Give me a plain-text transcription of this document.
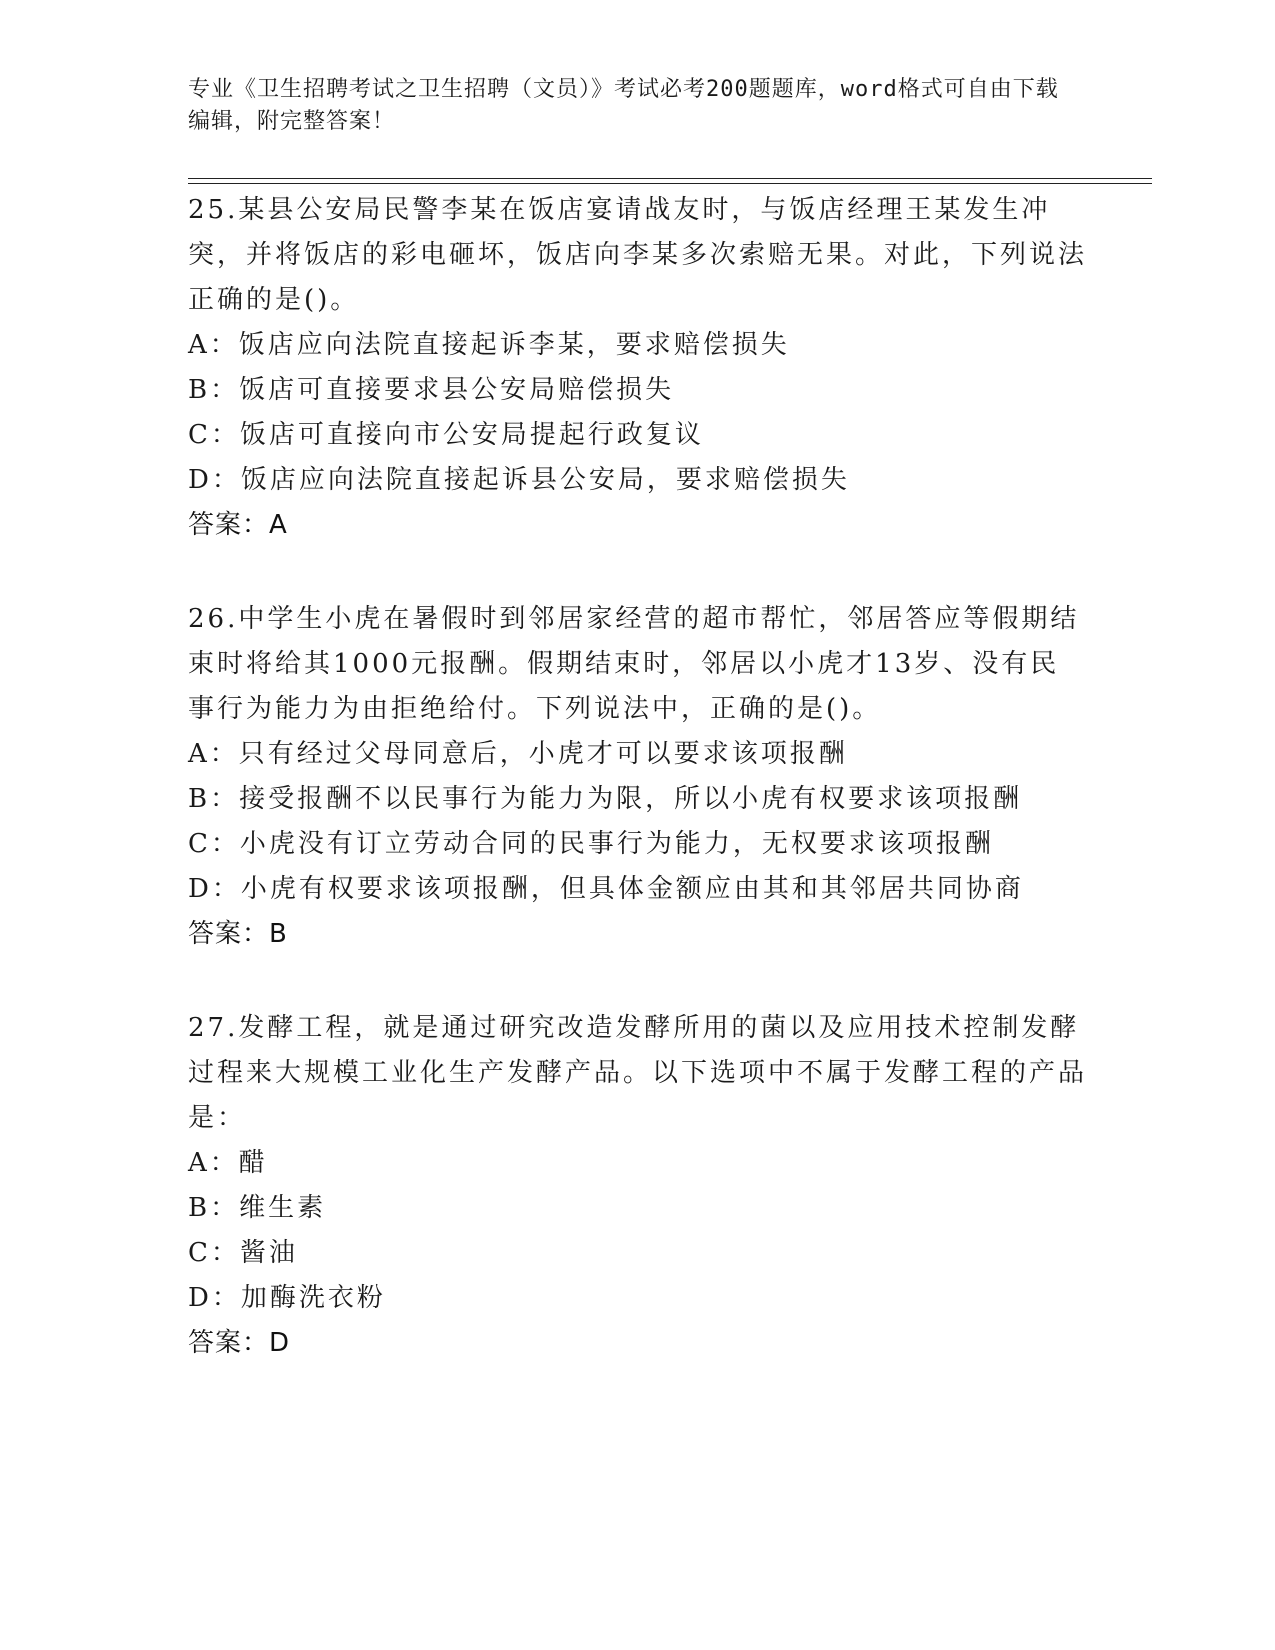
专业《卫生招聘考试之卫生招聘（文员）》考试必考200题题库，word格式可自由下载编辑，附完整答案！

25.某县公安局民警李某在饭店宴请战友时，与饭店经理王某发生冲突，并将饭店的彩电砸坏，饭店向李某多次索赔无果。对此，下列说法正确的是()。

A：饭店应向法院直接起诉李某，要求赔偿损失

B：饭店可直接要求县公安局赔偿损失

C：饭店可直接向市公安局提起行政复议

D：饭店应向法院直接起诉县公安局，要求赔偿损失

答案：A

26.中学生小虎在暑假时到邻居家经营的超市帮忙，邻居答应等假期结束时将给其1000元报酬。假期结束时，邻居以小虎才13岁、没有民事行为能力为由拒绝给付。下列说法中，正确的是()。

A：只有经过父母同意后，小虎才可以要求该项报酬

B：接受报酬不以民事行为能力为限，所以小虎有权要求该项报酬

C：小虎没有订立劳动合同的民事行为能力，无权要求该项报酬

D：小虎有权要求该项报酬，但具体金额应由其和其邻居共同协商

答案：B

27.发酵工程，就是通过研究改造发酵所用的菌以及应用技术控制发酵过程来大规模工业化生产发酵产品。以下选项中不属于发酵工程的产品是：

A：醋

B：维生素

C：酱油

D：加酶洗衣粉

答案：D
